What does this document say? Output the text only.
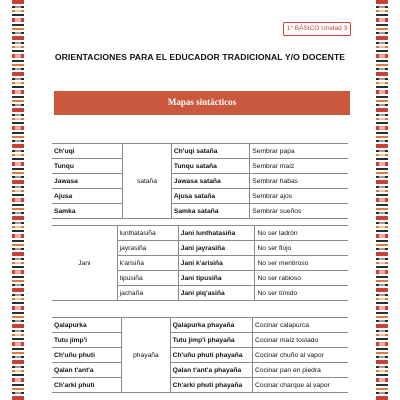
1° BÁSICO Unidad 3
ORIENTACIONES PARA EL EDUCADOR TRADICIONAL Y/O DOCENTE
Mapas sintácticos
Ch'uqi	sataña	Ch'uqi sataña	Sembrar papa
Tunqu		Tunqu sataña	Sembrar maíz
Jawasa		Jawasa sataña	Sembrar habas
Ajusa		Ajusa sataña	Sembrar ajos
Samka		Samka sataña	Sembrar sueños
Jani	lunthatasiña	Jani lunthatasiña	No ser ladrón
	jayrasiña	Jani jayrasiña	No ser flojo
	k'arisiña	Jani k'arisiña	No ser mentiroso
	tipusiña	Jani tipusiña	No ser rabioso
	jachaña	Jani piq'asiña	No ser tímido
Qalapurka	phayaña	Qalapurka phayaña	Cocinar calapurca
Tutu jimp'i		Tutu jimp'i phayaña	Cocinar maíz tostado
Ch'uñu phuti		Ch'uñu phuti phayaña	Cocinar chuño al vapor
Qalan t'ant'a		Qalan t'ant'a phayaña	Cocinar pan en piedra
Ch'arki phuti		Ch'arki phuti phayaña	Cocinar charque al vapor
